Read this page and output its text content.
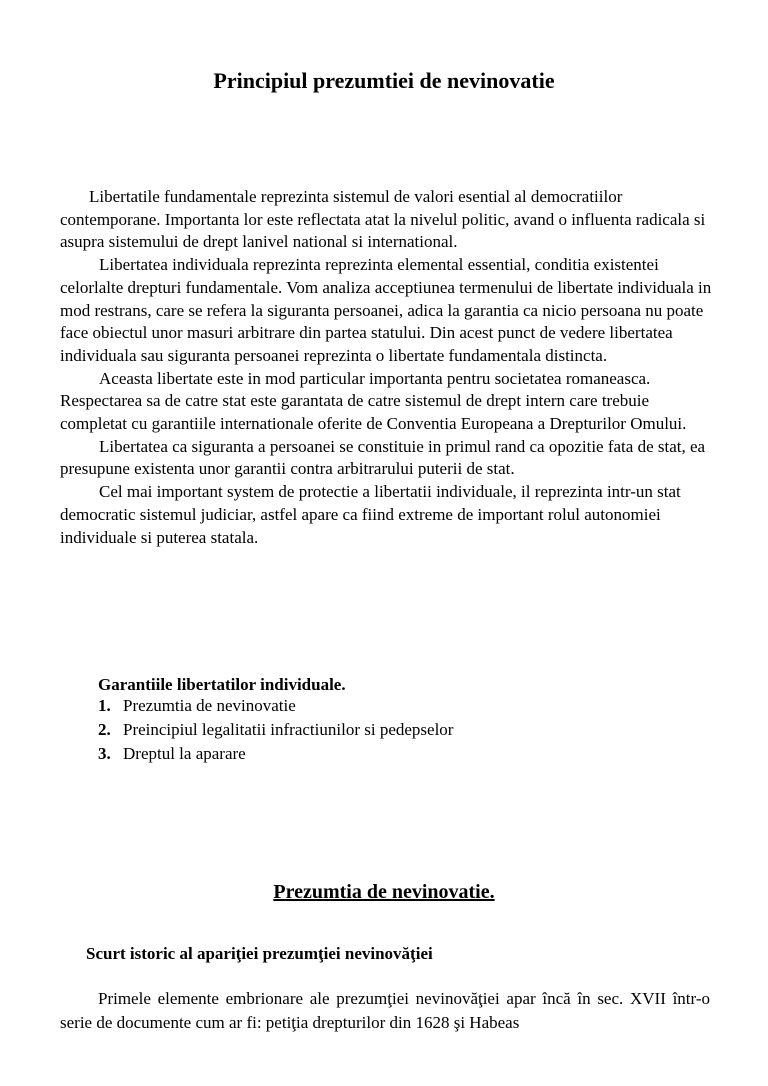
Principiul prezumtiei de nevinovatie

Libertatile fundamentale reprezinta sistemul de valori esential al democratiilor contemporane. Importanta lor este reflectata atat la nivelul politic, avand o influenta radicala si asupra sistemului de drept lanivel national si international.

Libertatea individuala reprezinta reprezinta elemental essential, conditia existentei celorlalte drepturi fundamentale. Vom analiza acceptiunea termenului de libertate individuala in mod restrans, care se refera la siguranta persoanei, adica la garantia ca nicio persoana nu poate face obiectul unor masuri arbitrare din partea statului. Din acest punct de vedere libertatea individuala sau siguranta persoanei reprezinta o libertate fundamentala distincta.

Aceasta libertate este in mod particular importanta pentru societatea romaneasca. Respectarea sa de catre stat este garantata de catre sistemul de drept intern care trebuie completat cu garantiile internationale oferite de Conventia Europeana a Drepturilor Omului.

Libertatea ca siguranta a persoanei se constituie in primul rand ca opozitie fata de stat, ea presupune existenta unor garantii contra arbitrarului puterii de stat.

Cel mai important system de protectie a libertatii individuale, il reprezinta intr-un stat democratic sistemul judiciar, astfel apare ca fiind extreme de important rolul autonomiei individuale si puterea statala.

Garantiile libertatilor individuale.
1. Prezumtia de nevinovatie
2. Preincipiul legalitatii infractiunilor si pedepselor
3. Dreptul la aparare
Prezumtia de nevinovatie.
Scurt istoric al apariţiei prezumţiei nevinovăţiei

Primele elemente embrionare ale prezumţiei nevinovăţiei apar încă în sec. XVII într-o serie de documente cum ar fi: petiţia drepturilor din 1628 şi Habeas
